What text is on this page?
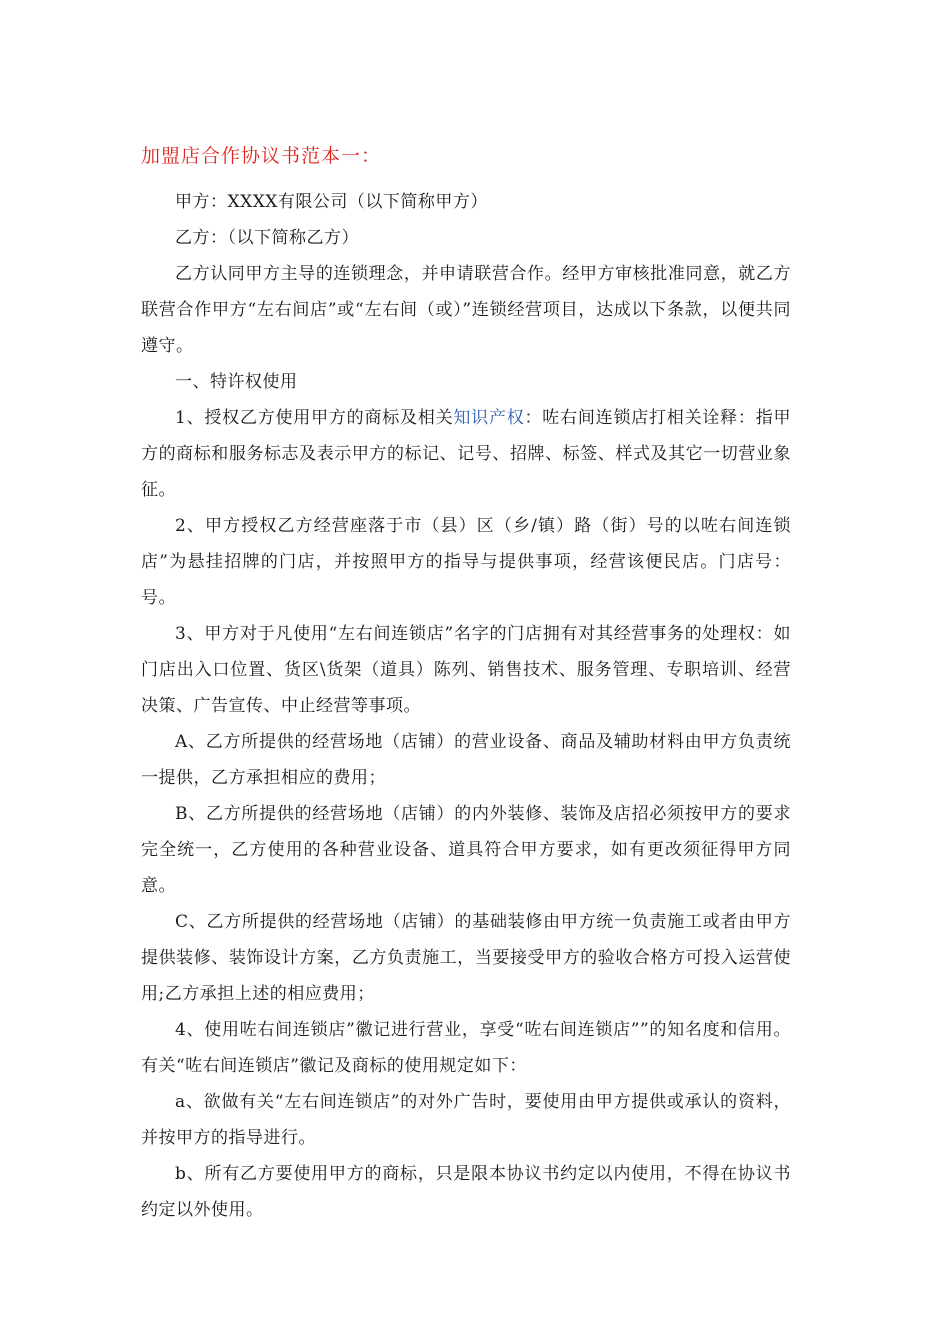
加盟店合作协议书范本一：

甲方：XXXX有限公司（以下简称甲方）

乙方：（以下简称乙方）

乙方认同甲方主导的连锁理念，并申请联营合作。经甲方审核批准同意，就乙方联营合作甲方“左右间店”或“左右间（或）”连锁经营项目，达成以下条款，以便共同遵守。

一、特许权使用

1、授权乙方使用甲方的商标及相关知识产权：咗右间连锁店打相关诠释：指甲方的商标和服务标志及表示甲方的标记、记号、招牌、标签、样式及其它一切营业象征。

2、甲方授权乙方经营座落于市（县）区（乡/镇）路（街）号的以咗右间连锁店”为悬挂招牌的门店，并按照甲方的指导与提供事项，经营该便民店。门店号：号。

3、甲方对于凡使用“左右间连锁店”名字的门店拥有对其经营事务的处理权：如门店出入口位置、货区\货架（道具）陈列、销售技术、服务管理、专职培训、经营决策、广告宣传、中止经营等事项。

A、乙方所提供的经营场地（店铺）的营业设备、商品及辅助材料由甲方负责统一提供，乙方承担相应的费用；

B、乙方所提供的经营场地（店铺）的内外装修、装饰及店招必须按甲方的要求完全统一，乙方使用的各种营业设备、道具符合甲方要求，如有更改须征得甲方同意。

C、乙方所提供的经营场地（店铺）的基础装修由甲方统一负责施工或者由甲方提供装修、装饰设计方案，乙方负责施工，当要接受甲方的验收合格方可投入运营使用;乙方承担上述的相应费用；

4、使用咗右间连锁店”徽记进行营业，享受“咗右间连锁店””的知名度和信用。有关“咗右间连锁店”徽记及商标的使用规定如下：

a、欲做有关“左右间连锁店”的对外广告时，要使用由甲方提供或承认的资料，并按甲方的指导进行。

b、所有乙方要使用甲方的商标，只是限本协议书约定以内使用，不得在协议书约定以外使用。
